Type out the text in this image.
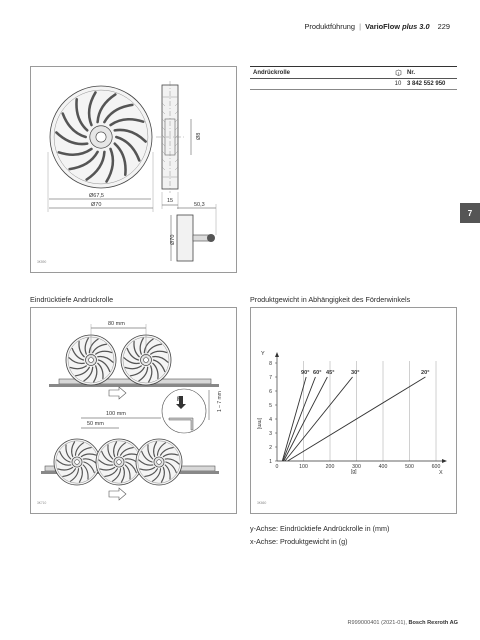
Produktführung | VarioFlow plus 3.0 229
7
Ø67,5
Ø70
15
Ø8
50,3
Ø70
3K590
Andrückrolle	Nr.
10 3 842 552 950
Eindrücktiefe Andrückrolle	Produktgewicht in Abhängigkeit des Förderwinkels
80 mm
F	1 – 7 mm
100 mm
50 mm
3K710
Y
X
[mm]
[g]
3K660
0	100	200	300	400	500	600
1
2
3
4
5
6
7
8
90° 60° 45°	30°	20°
y-Achse: Eindrücktiefe Andrückrolle in (mm)
x-Achse: Produktgewicht in (g)
R999000401 (2021-01), Bosch Rexroth AG
